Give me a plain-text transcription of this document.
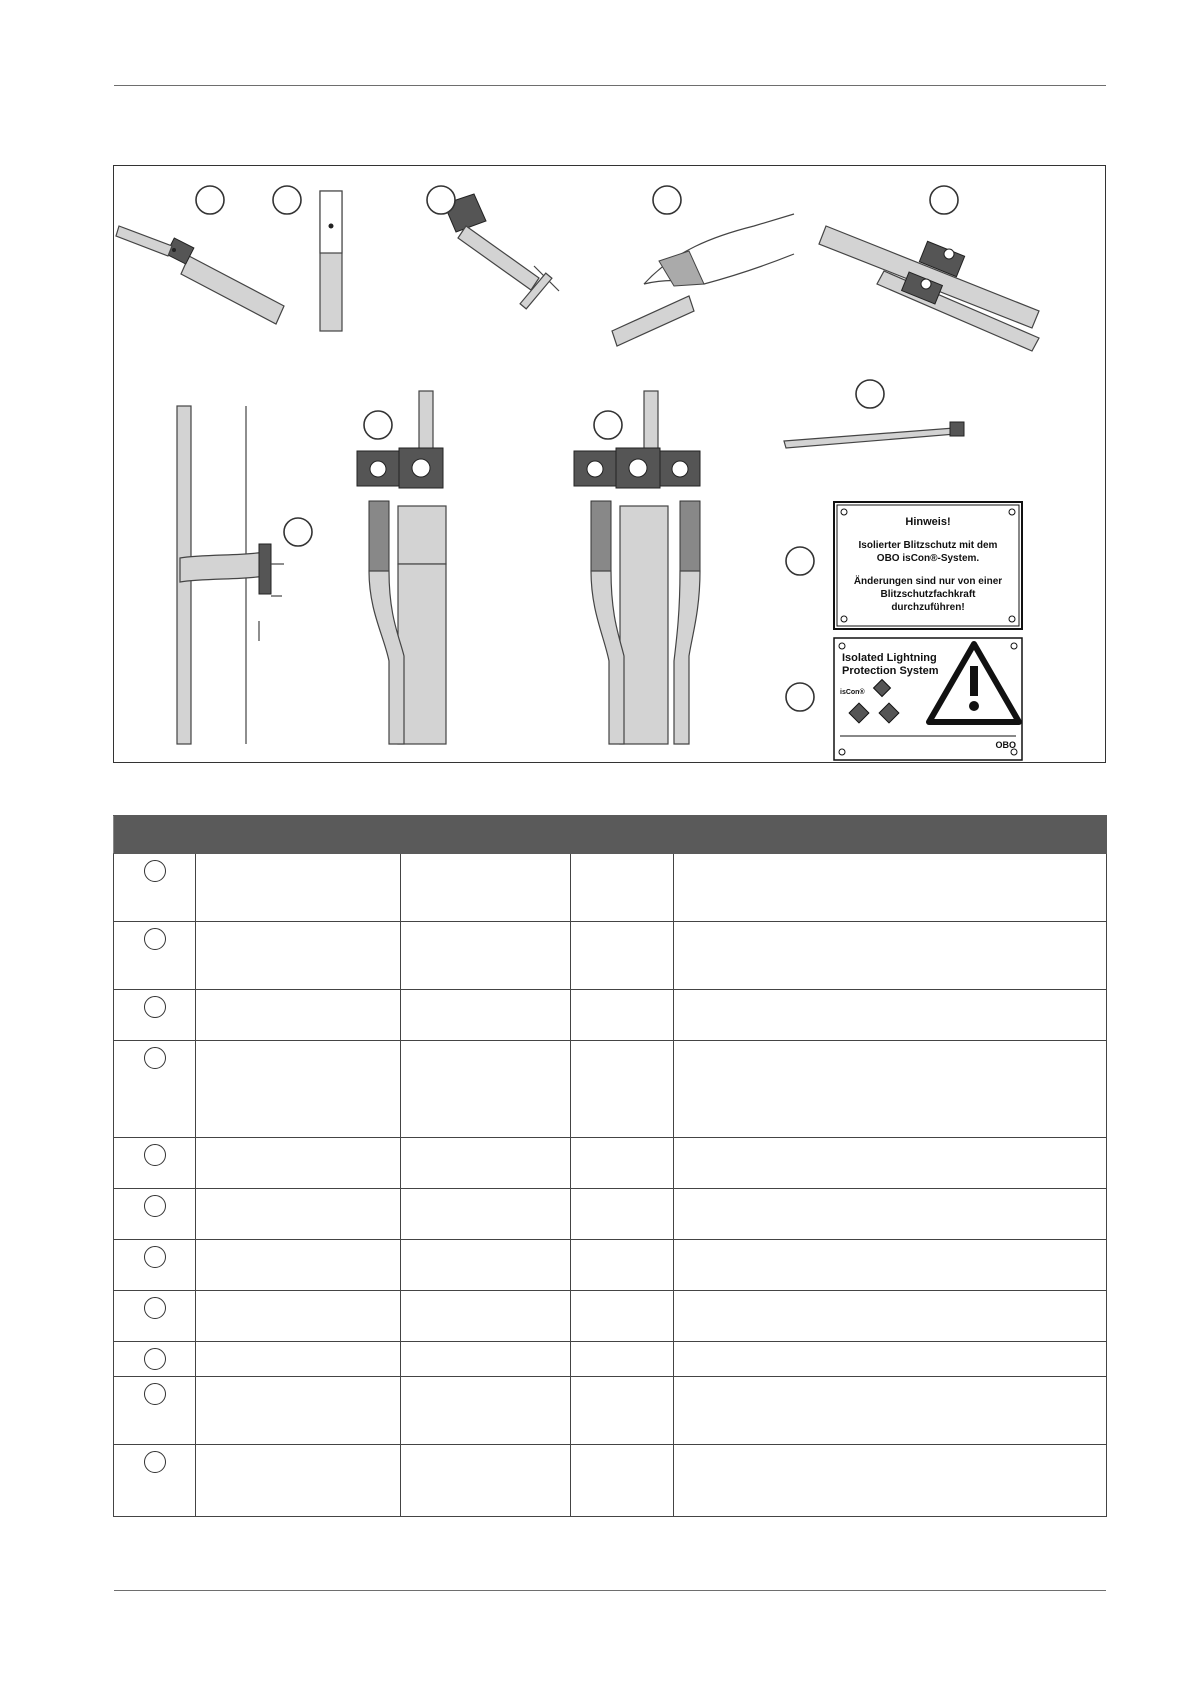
Hinweis!
Isolierter Blitzschutz mit dem
OBO isCon®-System.
Änderungen sind nur von einer
Blitzschutzfachkraft
durchzuführen!
Isolated Lightning
Protection System
isCon®
OBO
